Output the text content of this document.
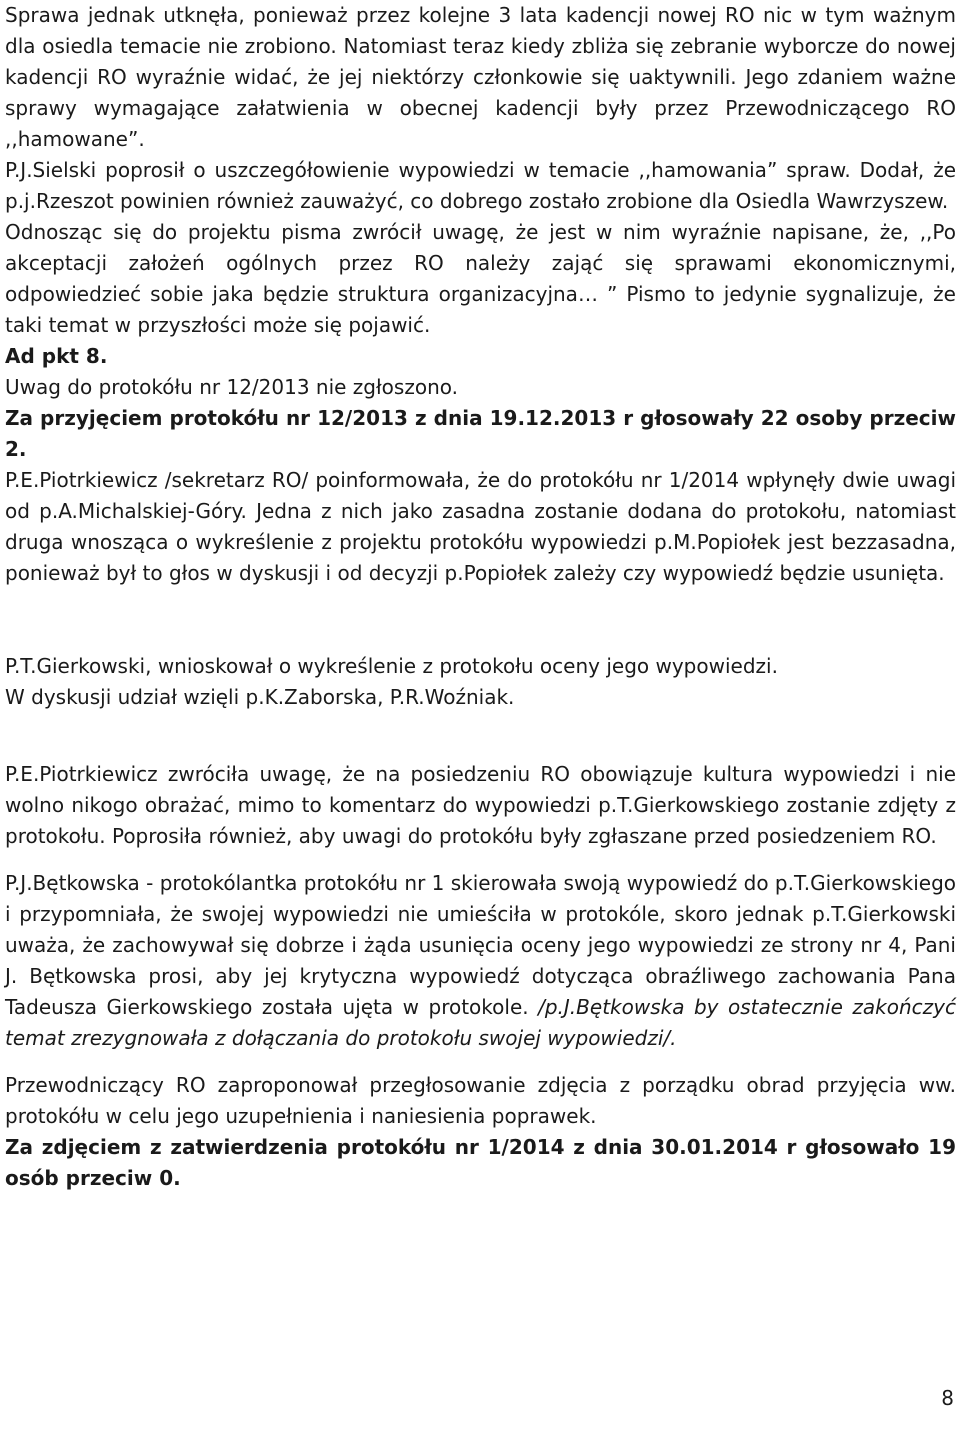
Sprawa jednak utknęła, ponieważ przez kolejne 3 lata kadencji nowej RO nic w tym ważnym dla osiedla temacie nie zrobiono. Natomiast teraz kiedy zbliża się zebranie wyborcze do nowej kadencji RO wyraźnie widać, że jej niektórzy członkowie się uaktywnili. Jego zdaniem ważne sprawy wymagające załatwienia w obecnej kadencji były przez Przewodniczącego RO ,,hamowane”.

P.J.Sielski poprosił o uszczegółowienie wypowiedzi w temacie ,,hamowania” spraw. Dodał, że p.j.Rzeszot powinien również zauważyć, co dobrego zostało zrobione dla Osiedla Wawrzyszew.

Odnosząc się do projektu pisma zwrócił uwagę, że jest w nim wyraźnie napisane, że, ,,Po akceptacji założeń ogólnych przez RO należy zająć się sprawami ekonomicznymi, odpowiedzieć sobie jaka będzie struktura organizacyjna… ” Pismo to jedynie sygnalizuje, że taki temat w przyszłości może się pojawić.

Ad pkt 8.

Uwag do protokółu nr 12/2013 nie zgłoszono.

Za przyjęciem protokółu nr 12/2013 z dnia 19.12.2013 r głosowały 22 osoby przeciw 2.

P.E.Piotrkiewicz /sekretarz RO/ poinformowała, że do protokółu nr 1/2014 wpłynęły dwie uwagi od p.A.Michalskiej-Góry. Jedna z nich jako zasadna zostanie dodana do protokołu, natomiast druga wnosząca o wykreślenie z projektu protokółu wypowiedzi p.M.Popiołek jest bezzasadna, ponieważ był to głos w dyskusji i od decyzji p.Popiołek zależy czy wypowiedź będzie usunięta.

P.T.Gierkowski, wnioskował o wykreślenie z protokołu oceny jego wypowiedzi.

W dyskusji udział wzięli p.K.Zaborska, P.R.Woźniak.

P.E.Piotrkiewicz zwróciła uwagę, że na posiedzeniu RO obowiązuje kultura wypowiedzi i nie wolno nikogo obrażać, mimo to komentarz do wypowiedzi p.T.Gierkowskiego zostanie zdjęty z protokołu. Poprosiła również, aby uwagi do protokółu były zgłaszane przed posiedzeniem RO.

P.J.Bętkowska - protokólantka protokółu nr 1 skierowała swoją wypowiedź do p.T.Gierkowskiego i przypomniała, że swojej wypowiedzi nie umieściła w protokóle, skoro jednak p.T.Gierkowski uważa, że zachowywał się dobrze i żąda usunięcia oceny jego wypowiedzi ze strony nr 4, Pani J. Bętkowska prosi, aby jej krytyczna wypowiedź dotycząca obraźliwego zachowania Pana Tadeusza Gierkowskiego została ujęta w protokole. /p.J.Bętkowska by ostatecznie zakończyć temat zrezygnowała z dołączania do protokołu swojej wypowiedzi/.

Przewodniczący RO zaproponował przegłosowanie zdjęcia z porządku obrad przyjęcia ww. protokółu w celu jego uzupełnienia i naniesienia poprawek.

Za zdjęciem z zatwierdzenia protokółu nr 1/2014 z dnia 30.01.2014 r głosowało 19 osób przeciw 0.

8
